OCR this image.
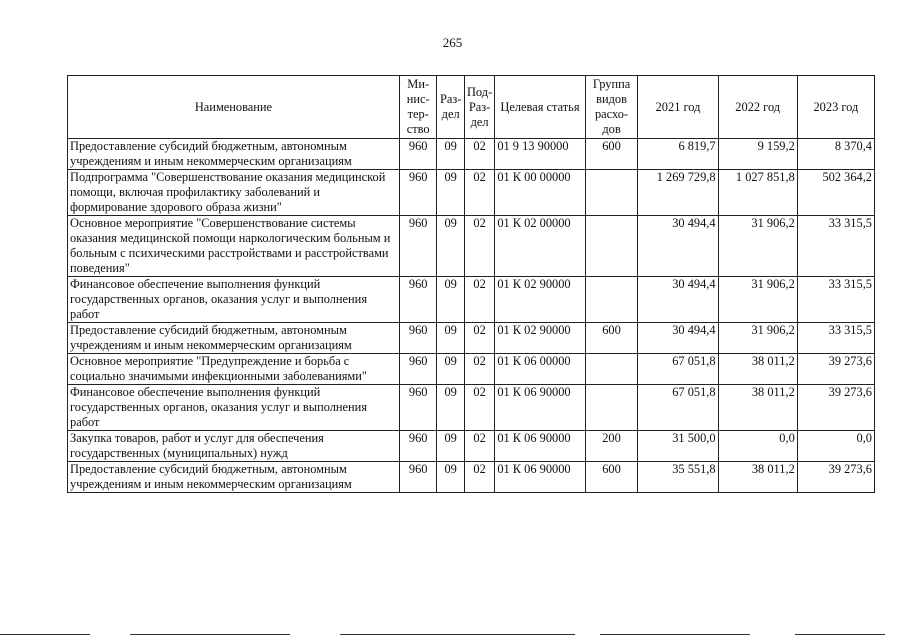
265
Наименование	Ми-
нис-
тер-
ство	Раз-
дел	Под-
Раз-
дел	Целевая статья	Группа
видов
расхо-
дов	2021 год	2022 год	2023 год
Предоставление субсидий бюджетным, автономным учреждениям и иным некоммерческим организациям	960	09	02	01 9 13 90000	600	6 819,7	9 159,2	8 370,4
Подпрограмма "Совершенствование оказания медицинской помощи, включая профилактику заболеваний и формирование здорового образа жизни"	960	09	02	01 К 00 00000		1 269 729,8	1 027 851,8	502 364,2
Основное мероприятие "Совершенствование системы оказания медицинской помощи наркологическим больным и больным с психическими расстройствами и расстройствами поведения"	960	09	02	01 К 02 00000		30 494,4	31 906,2	33 315,5
Финансовое обеспечение выполнения функций государственных органов, оказания услуг и выполнения работ	960	09	02	01 К 02 90000		30 494,4	31 906,2	33 315,5
Предоставление субсидий бюджетным, автономным учреждениям и иным некоммерческим организациям	960	09	02	01 К 02 90000	600	30 494,4	31 906,2	33 315,5
Основное мероприятие "Предупреждение и борьба с социально значимыми инфекционными заболеваниями"	960	09	02	01 К 06 00000		67 051,8	38 011,2	39 273,6
Финансовое обеспечение выполнения функций государственных органов, оказания услуг и выполнения работ	960	09	02	01 К 06 90000		67 051,8	38 011,2	39 273,6
Закупка товаров, работ и услуг для обеспечения государственных (муниципальных) нужд	960	09	02	01 К 06 90000	200	31 500,0	0,0	0,0
Предоставление субсидий бюджетным, автономным учреждениям и иным некоммерческим организациям	960	09	02	01 К 06 90000	600	35 551,8	38 011,2	39 273,6
